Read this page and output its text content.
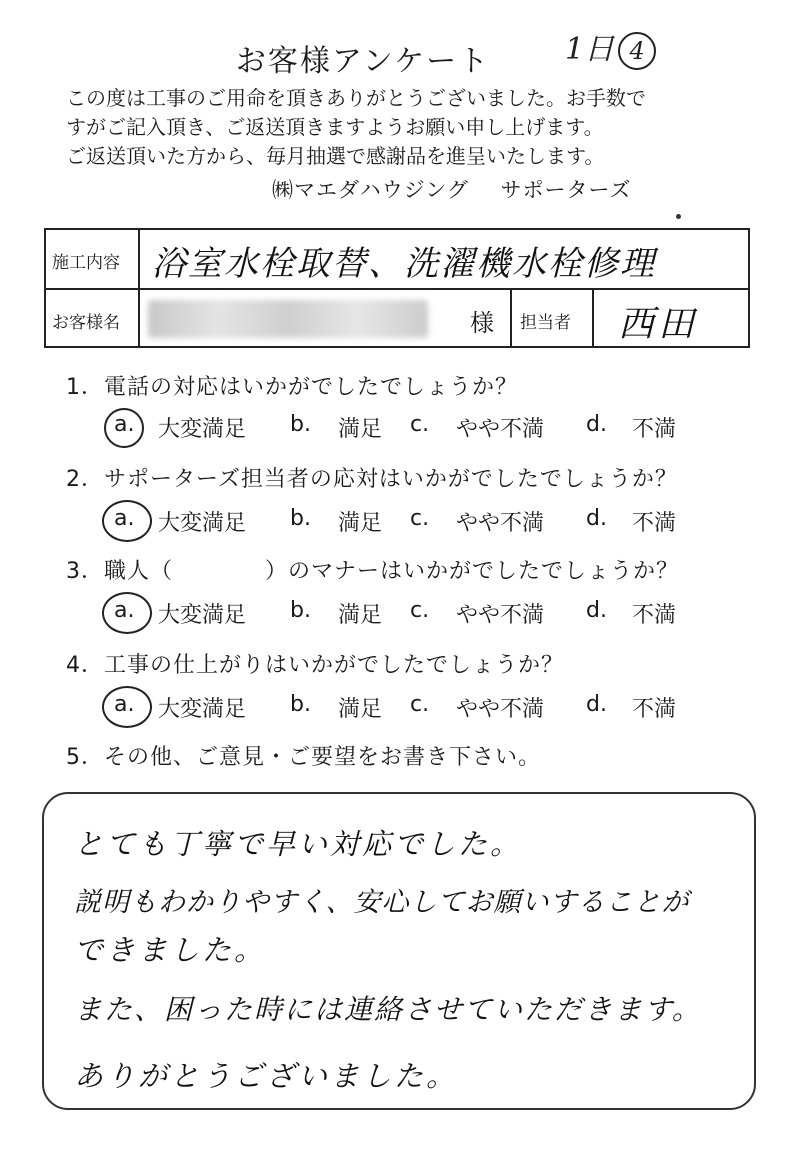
お客様アンケート	1日 4
この度は工事のご用命を頂きありがとうございました。お手数で
すがご記入頂き、ご返送頂きますようお願い申し上げます。
ご返送頂いた方から、毎月抽選で感謝品を進呈いたします。
㈱マエダハウジング サポーターズ
施工内容 浴室水栓取替、洗濯機水栓修理
お客様名	様 担当者 西田
1．電話の対応はいかがでしたでしょうか？
a. 大変満足 b. 満足 c. やや不満 d. 不満
2．サポーターズ担当者の応対はいかがでしたでしょうか？
a. 大変満足 b. 満足 c. やや不満 d. 不満
3．職人（　　　　）のマナーはいかがでしたでしょうか？
a. 大変満足 b. 満足 c. やや不満 d. 不満
4．工事の仕上がりはいかがでしたでしょうか？
a. 大変満足 b. 満足 c. やや不満 d. 不満
5．その他、ご意見・ご要望をお書き下さい。
とても丁寧で早い対応でした。
説明もわかりやすく、安心してお願いすることが
できました。
また、困った時には連絡させていただきます。
ありがとうございました。
